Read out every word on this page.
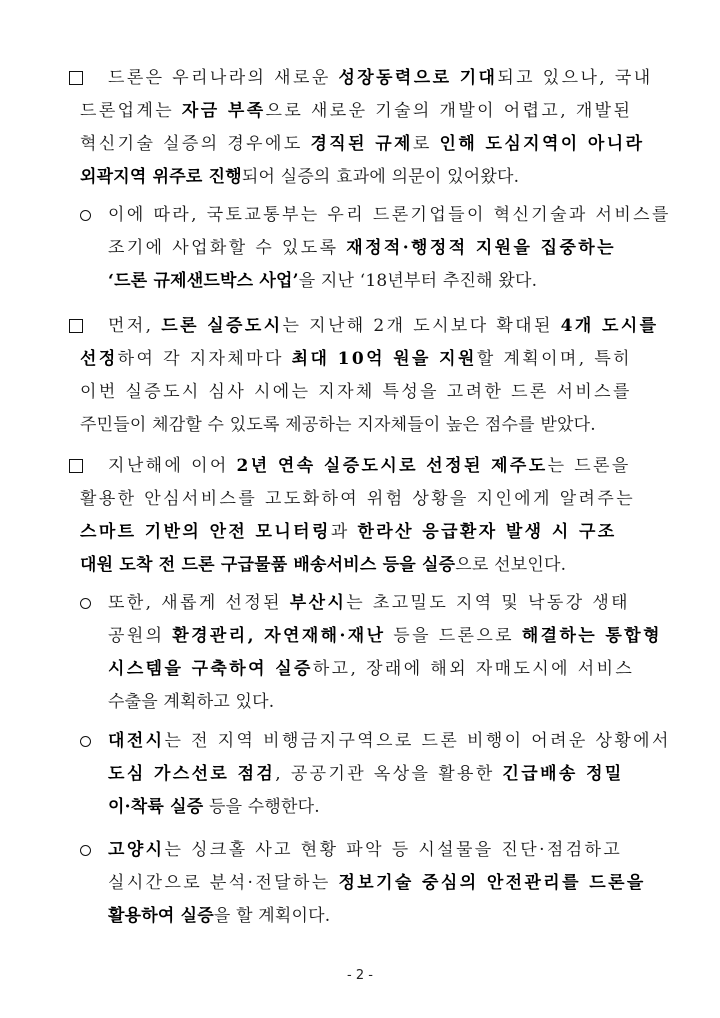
드론은 우리나라의 새로운 성장동력으로 기대되고 있으나, 국내
드론업계는 자금 부족으로 새로운 기술의 개발이 어렵고, 개발된
혁신기술 실증의 경우에도 경직된 규제로 인해 도심지역이 아니라
외곽지역 위주로 진행되어 실증의 효과에 의문이 있어왔다.
이에 따라, 국토교통부는 우리 드론기업들이 혁신기술과 서비스를
조기에 사업화할 수 있도록 재정적·행정적 지원을 집중하는
‘드론 규제샌드박스 사업’을 지난 ‘18년부터 추진해 왔다.
먼저, 드론 실증도시는 지난해 2개 도시보다 확대된 4개 도시를
선정하여 각 지자체마다 최대 10억 원을 지원할 계획이며, 특히
이번 실증도시 심사 시에는 지자체 특성을 고려한 드론 서비스를
주민들이 체감할 수 있도록 제공하는 지자체들이 높은 점수를 받았다.
지난해에 이어 2년 연속 실증도시로 선정된 제주도는 드론을
활용한 안심서비스를 고도화하여 위험 상황을 지인에게 알려주는
스마트 기반의 안전 모니터링과 한라산 응급환자 발생 시 구조
대원 도착 전 드론 구급물품 배송서비스 등을 실증으로 선보인다.
또한, 새롭게 선정된 부산시는 초고밀도 지역 및 낙동강 생태
공원의 환경관리, 자연재해·재난 등을 드론으로 해결하는 통합형
시스템을 구축하여 실증하고, 장래에 해외 자매도시에 서비스
수출을 계획하고 있다.
대전시는 전 지역 비행금지구역으로 드론 비행이 어려운 상황에서
도심 가스선로 점검, 공공기관 옥상을 활용한 긴급배송 정밀
이·착륙 실증 등을 수행한다.
고양시는 싱크홀 사고 현황 파악 등 시설물을 진단·점검하고
실시간으로 분석·전달하는 정보기술 중심의 안전관리를 드론을
활용하여 실증을 할 계획이다.
- 2 -
